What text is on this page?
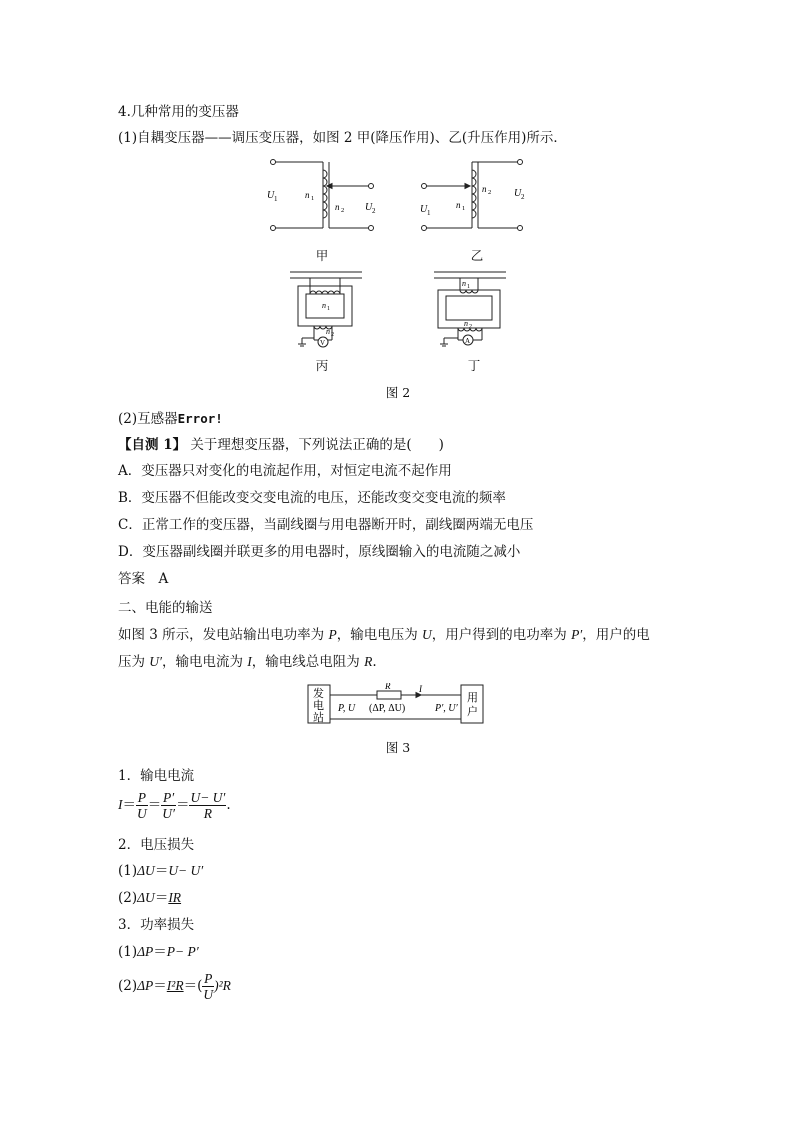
4.几种常用的变压器
(1)自耦变压器——调压变压器，如图 2 甲(降压作用)、乙(升压作用)所示．
U 1	n 1
n 2 U 2
甲
U 1
n 1
n 2 U 2
乙
V
n 1
n 2
丙
A
n 1
n 2
丁
图 2
(2)互感器Error!
【自测 1】 关于理想变压器，下列说法正确的是(　　)
A．变压器只对变化的电流起作用，对恒定电流不起作用
B．变压器不但能改变交变电流的电压，还能改变交变电流的频率
C．正常工作的变压器，当副线圈与用电器断开时，副线圈两端无电压
D．变压器副线圈并联更多的用电器时，原线圈输入的电流随之减小
答案　 A
二、电能的输送
如图 3 所示，发电站输出电功率为 P，输电电压为 U，用户得到的电功率为 P′，用户的电
压为 U′，输电电流为 I，输电线总电阻为 R.
发
电
站
用
户
P, U (ΔP, ΔU)	P′, U′
R	I
图 3
1．输电电流
$I= \frac{P}{U} = \frac{P'}{U'} = \frac{U- U'}{R}$ .
2．电压损失
(1)ΔU＝U− U′
(2)ΔU＝IR
3．功率损失
(1)ΔP＝P− P′
$(2)\Delta P=I^2R=( \frac{P}{U} )^2R$
